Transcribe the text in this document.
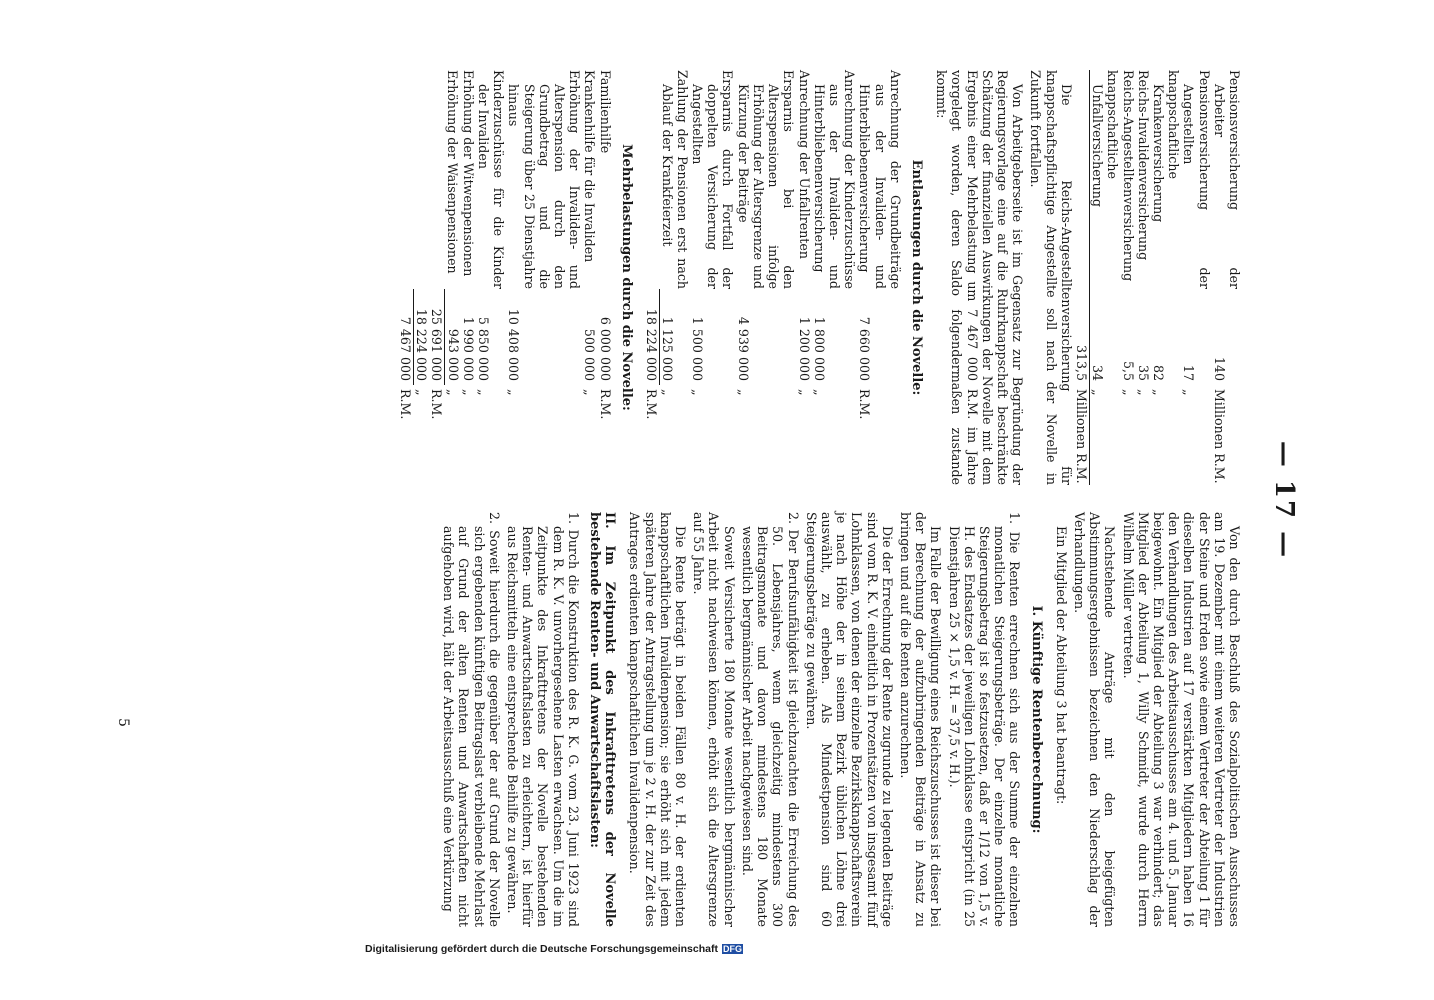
— 17 —
Pensionsversicherung der Arbeiter	140	Millionen R.M.
Pensionsversicherung der Angestellten	17	„
knappschaftliche Krankenversicherung	82	„
Reichs-Invalidenversicherung	35	„
Reichs-Angestelltenversicherung	5,5	„
knappschaftliche Unfallversicherung	34	„
	313,5	Millionen R.M.

Die Reichs-Angestelltenversicherung für knappschaftspflichtige Angestellte soll nach der Novelle in Zukunft fortfallen.

Von Arbeitgeberseite ist im Gegensatz zur Begründung der Regierungsvorlage eine auf die Ruhrknappschaft beschränkte Schätzung der finanziellen Auswirkungen der Novelle mit dem Ergebnis einer Mehrbelastung um 7 467 000 R.M. im Jahre vorgelegt worden, deren Saldo folgendermaßen zustande kommt:

Entlastungen durch die Novelle:
Anrechnung der Grundbeiträge aus der Invaliden- und Hinterbliebenenversicherung	7 660 000	R.M.
Anrechnung der Kinderzuschüsse aus der Invaliden- und Hinterbliebenenversicherung	1 800 000	„
Anrechnung der Unfallrenten	1 200 000	„
Ersparnis bei den Alterspensionen infolge Erhöhung der Altersgrenze und Kürzung der Beiträge	4 939 000	„
Ersparnis durch Fortfall der doppelten Versicherung der Angestellten	1 500 000	„
Zahlung der Pensionen erst nach Ablauf der Krankfeierzeit	1 125 000	„
	18 224 000	R.M.
Mehrbelastungen durch die Novelle:
Familienhilfe	6 000 000	R.M.
Krankenhilfe für die Invaliden	500 000	„
Erhöhung der Invaliden- und Alterspension durch den Grundbetrag und die Steigerung über 25 Dienstjahre hinaus	10 408 000	„
Kinderzuschüsse für die Kinder der Invaliden	5 850 000	„
Erhöhung der Witwenpensionen	1 990 000	„
Erhöhung der Waisenpensionen	943 000	„
	25 691 000	R.M.
	18 224 000	„
	7 467 000	R.M.

Von den durch Beschluß des Sozialpolitischen Ausschusses am 19. Dezember mit einem weiteren Vertreter der Industrien der Steine und Erden sowie einem Vertreter der Abteilung 1 für dieselben Industrien auf 17 verstärkten Mitgliedern haben 16 den Verhandlungen des Arbeitsausschusses am 4. und 5. Januar beigewohnt. Ein Mitglied der Abteilung 3 war verhindert; das Mitglied der Abteilung 1, Willy Schmidt, wurde durch Herrn Wilhelm Müller vertreten.

Nachstehende Anträge mit den beigefügten Abstimmungsergebnissen bezeichnen den Niederschlag der Verhandlungen.

Ein Mitglied der Abteilung 3 hat beantragt:

I. Künftige Rentenberechnung:

1. Die Renten errechnen sich aus der Summe der einzelnen monatlichen Steigerungsbeträge. Der einzelne monatliche Steigerungsbetrag ist so festzusetzen, daß er 1/12 von 1,5 v. H. des Endsatzes der jeweiligen Lohnklasse entspricht (in 25 Dienstjahren 25 × 1,5 v. H. = 37,5 v. H.).

Im Falle der Bewilligung eines Reichszuschusses ist dieser bei der Berechnung der aufzubringenden Beiträge in Ansatz zu bringen und auf die Renten anzurechnen.

Die der Errechnung der Rente zugrunde zu legenden Beiträge sind vom R. K. V. einheitlich in Prozentsätzen von insgesamt fünf Lohnklassen, von denen der einzelne Bezirksknappschaftsverein je nach Höhe der in seinem Bezirk üblichen Löhne drei auswählt, zu erheben. Als Mindestpension sind 60 Steigerungsbeträge zu gewähren.

2. Der Berufsunfähigkeit ist gleichzuachten die Erreichung des 50. Lebensjahres, wenn gleichzeitig mindestens 300 Beitragsmonate und davon mindestens 180 Monate wesentlich bergmännischer Arbeit nachgewiesen sind.

Soweit Versicherte 180 Monate wesentlich bergmännischer Arbeit nicht nachweisen können, erhöht sich die Altersgrenze auf 55 Jahre.

Die Rente beträgt in beiden Fällen 80 v. H. der erdienten knappschaftlichen Invalidenpension; sie erhöht sich mit jedem späteren Jahre der Antragstellung um je 2 v. H. der zur Zeit des Antrages erdienten knappschaftlichen Invalidenpension.

II. Im Zeitpunkt des Inkrafttretens der Novelle bestehende Renten- und Anwartschaftslasten:

1. Durch die Konstruktion des R. K. G. vom 23. Juni 1923 sind dem R. K. V. unvorhergesehene Lasten erwachsen. Um die im Zeitpunkte des Inkrafttretens der Novelle bestehenden Renten- und Anwartschaftslasten zu erleichtern, ist hierfür aus Reichsmitteln eine entsprechende Beihilfe zu gewähren.

2. Soweit hierdurch die gegenüber der auf Grund der Novelle sich ergebenden künftigen Beitragslast verbleibende Mehrlast auf Grund der alten Renten und Anwartschaften nicht aufgehoben wird, hält der Arbeitsausschuß eine Verkürzung

5
Digitalisierung gefördert durch die Deutsche Forschungsgemeinschaft DFG
